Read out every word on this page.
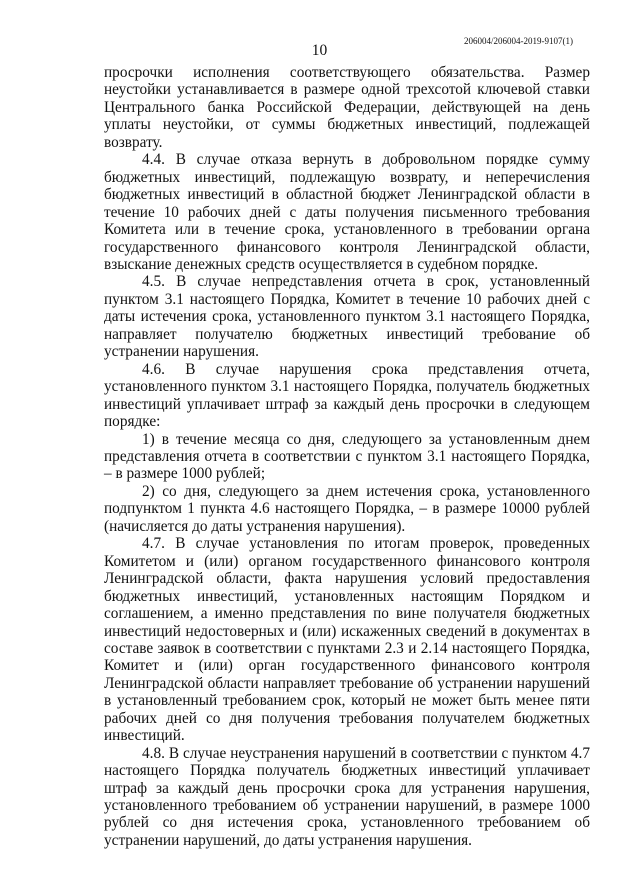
206004/206004-2019-9107(1)
10

просрочки исполнения соответствующего обязательства. Размер неустойки устанавливается в размере одной трехсотой ключевой ставки Центрального банка Российской Федерации, действующей на день уплаты неустойки, от суммы бюджетных инвестиций, подлежащей возврату.

4.4. В случае отказа вернуть в добровольном порядке сумму бюджетных инвестиций, подлежащую возврату, и неперечисления бюджетных инвестиций в областной бюджет Ленинградской области в течение 10 рабочих дней с даты получения письменного требования Комитета или в течение срока, установленного в требовании органа государственного финансового контроля Ленинградской области, взыскание денежных средств осуществляется в судебном порядке.

4.5. В случае непредставления отчета в срок, установленный пунктом 3.1 настоящего Порядка, Комитет в течение 10 рабочих дней с даты истечения срока, установленного пунктом 3.1 настоящего Порядка, направляет получателю бюджетных инвестиций требование об устранении нарушения.

4.6. В случае нарушения срока представления отчета, установленного пунктом 3.1 настоящего Порядка, получатель бюджетных инвестиций уплачивает штраф за каждый день просрочки в следующем порядке:

1) в течение месяца со дня, следующего за установленным днем представления отчета в соответствии с пунктом 3.1 настоящего Порядка, – в размере 1000 рублей;

2) со дня, следующего за днем истечения срока, установленного подпунктом 1 пункта 4.6 настоящего Порядка, – в размере 10000 рублей (начисляется до даты устранения нарушения).

4.7. В случае установления по итогам проверок, проведенных Комитетом и (или) органом государственного финансового контроля Ленинградской области, факта нарушения условий предоставления бюджетных инвестиций, установленных настоящим Порядком и соглашением, а именно представления по вине получателя бюджетных инвестиций недостоверных и (или) искаженных сведений в документах в составе заявок в соответствии с пунктами 2.3 и 2.14 настоящего Порядка, Комитет и (или) орган государственного финансового контроля Ленинградской области направляет требование об устранении нарушений в установленный требованием срок, который не может быть менее пяти рабочих дней со дня получения требования получателем бюджетных инвестиций.

4.8. В случае неустранения нарушений в соответствии с пунктом 4.7 настоящего Порядка получатель бюджетных инвестиций уплачивает штраф за каждый день просрочки срока для устранения нарушения, установленного требованием об устранении нарушений, в размере 1000 рублей со дня истечения срока, установленного требованием об устранении нарушений, до даты устранения нарушения.
